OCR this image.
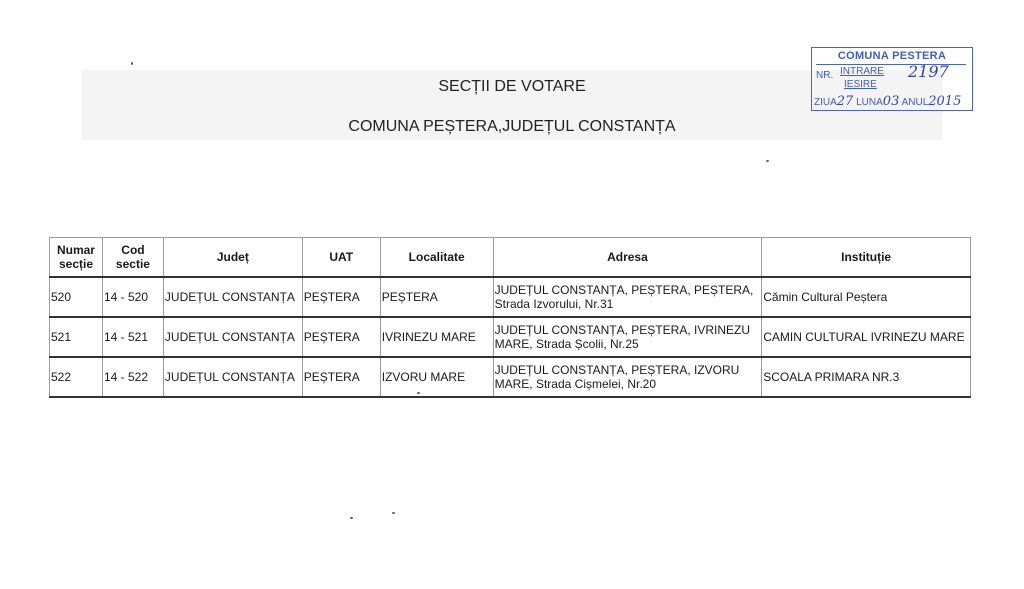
SECȚII DE VOTARE
COMUNA PEȘTERA,JUDEȚUL CONSTANȚA
COMUNA PESTERA
NR. INTRARE
IESIRE
2197
ZIUA27 LUNA03 ANUL2015
Numar secție	Cod sectie	Județ	UAT	Localitate	Adresa	Instituție
520	14 - 520	JUDEȚUL CONSTANȚA	PEȘTERA	PEȘTERA	JUDEȚUL CONSTANȚA, PEȘTERA, PEȘTERA, Strada Izvorului, Nr.31	Cămin Cultural Peștera
521	14 - 521	JUDEȚUL CONSTANȚA	PEȘTERA	IVRINEZU MARE	JUDEȚUL CONSTANȚA, PEȘTERA, IVRINEZU MARE, Strada Școlii, Nr.25	CAMIN CULTURAL IVRINEZU MARE
522	14 - 522	JUDEȚUL CONSTANȚA	PEȘTERA	IZVORU MARE	JUDEȚUL CONSTANȚA, PEȘTERA, IZVORU MARE, Strada Cișmelei, Nr.20	SCOALA PRIMARA NR.3
